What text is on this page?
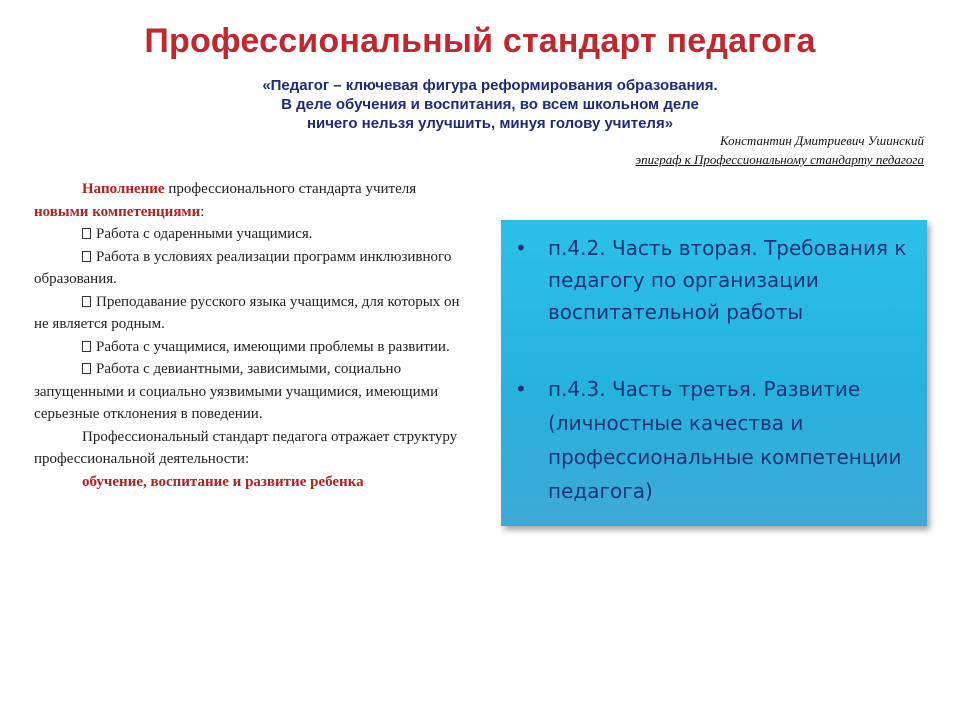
Профессиональный стандарт педагога
«Педагог – ключевая фигура реформирования образования.
В деле обучения и воспитания, во всем школьном деле
ничего нельзя улучшить, минуя голову учителя»
Константин Дмитриевич Ушинский
эпиграф к Профессиональному стандарту педагога

Наполнение профессионального стандарта учителя новыми компетенциями:

Работа с одаренными учащимися.

Работа в условиях реализации программ инклюзивного образования.

Преподавание русского языка учащимся, для которых он не является родным.

Работа с учащимися, имеющими проблемы в развитии.

Работа с девиантными, зависимыми, социально запущенными и социально уязвимыми учащимися, имеющими серьезные отклонения в поведении.

Профессиональный стандарт педагога отражает структуру профессиональной деятельности:

обучение, воспитание и развитие ребенка

•	п.4.2. Часть вторая. Требования к педагогу по организации воспитательной работы
•	п.4.3. Часть третья. Развитие (личностные качества и профессиональные компетенции педагога)
